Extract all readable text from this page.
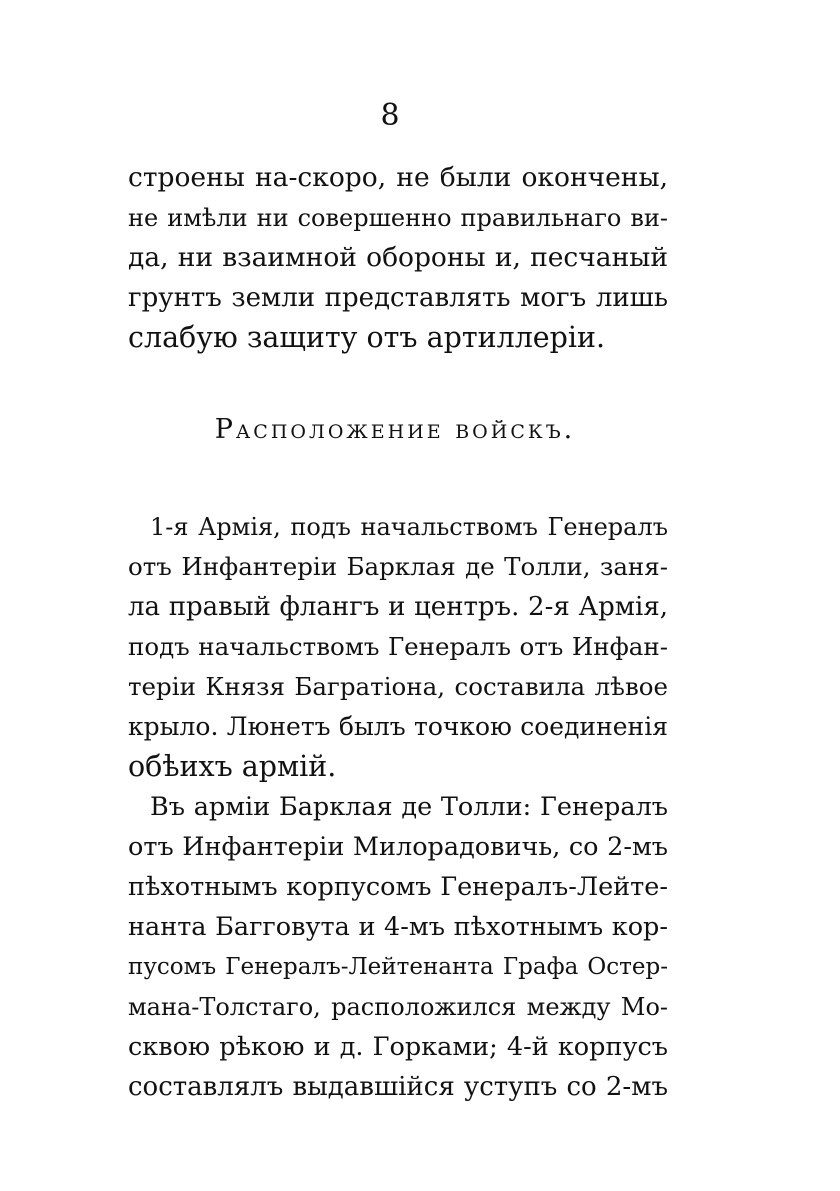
8
строены на-скоро, не были окончены,
не имѣли ни совершенно правильнаго ви-
да, ни взаимной обороны и, песчаный
грунтъ земли представлять могъ лишь
слабую защиту отъ артиллеріи.
Расположение войскъ.
1-я Армія, подъ начальствомъ Генералъ
отъ Инфантеріи Барклая де Толли, заня-
ла правый флангъ и центръ. 2-я Армія,
подъ начальствомъ Генералъ отъ Инфан-
теріи Князя Багратіона, составила лѣвое
крыло. Люнетъ былъ точкою соединенія
обѣихъ армій.
Въ арміи Барклая де Толли: Генералъ
отъ Инфантеріи Милорадовичь, со 2-мъ
пѣхотнымъ корпусомъ Генералъ-Лейте-
нанта Багговута и 4-мъ пѣхотнымъ кор-
пусомъ Генералъ-Лейтенанта Графа Остер-
мана-Толстаго, расположился между Мо-
сквою рѣкою и д. Горками; 4-й корпусъ
составлялъ выдавшійся уступъ со 2-мъ
